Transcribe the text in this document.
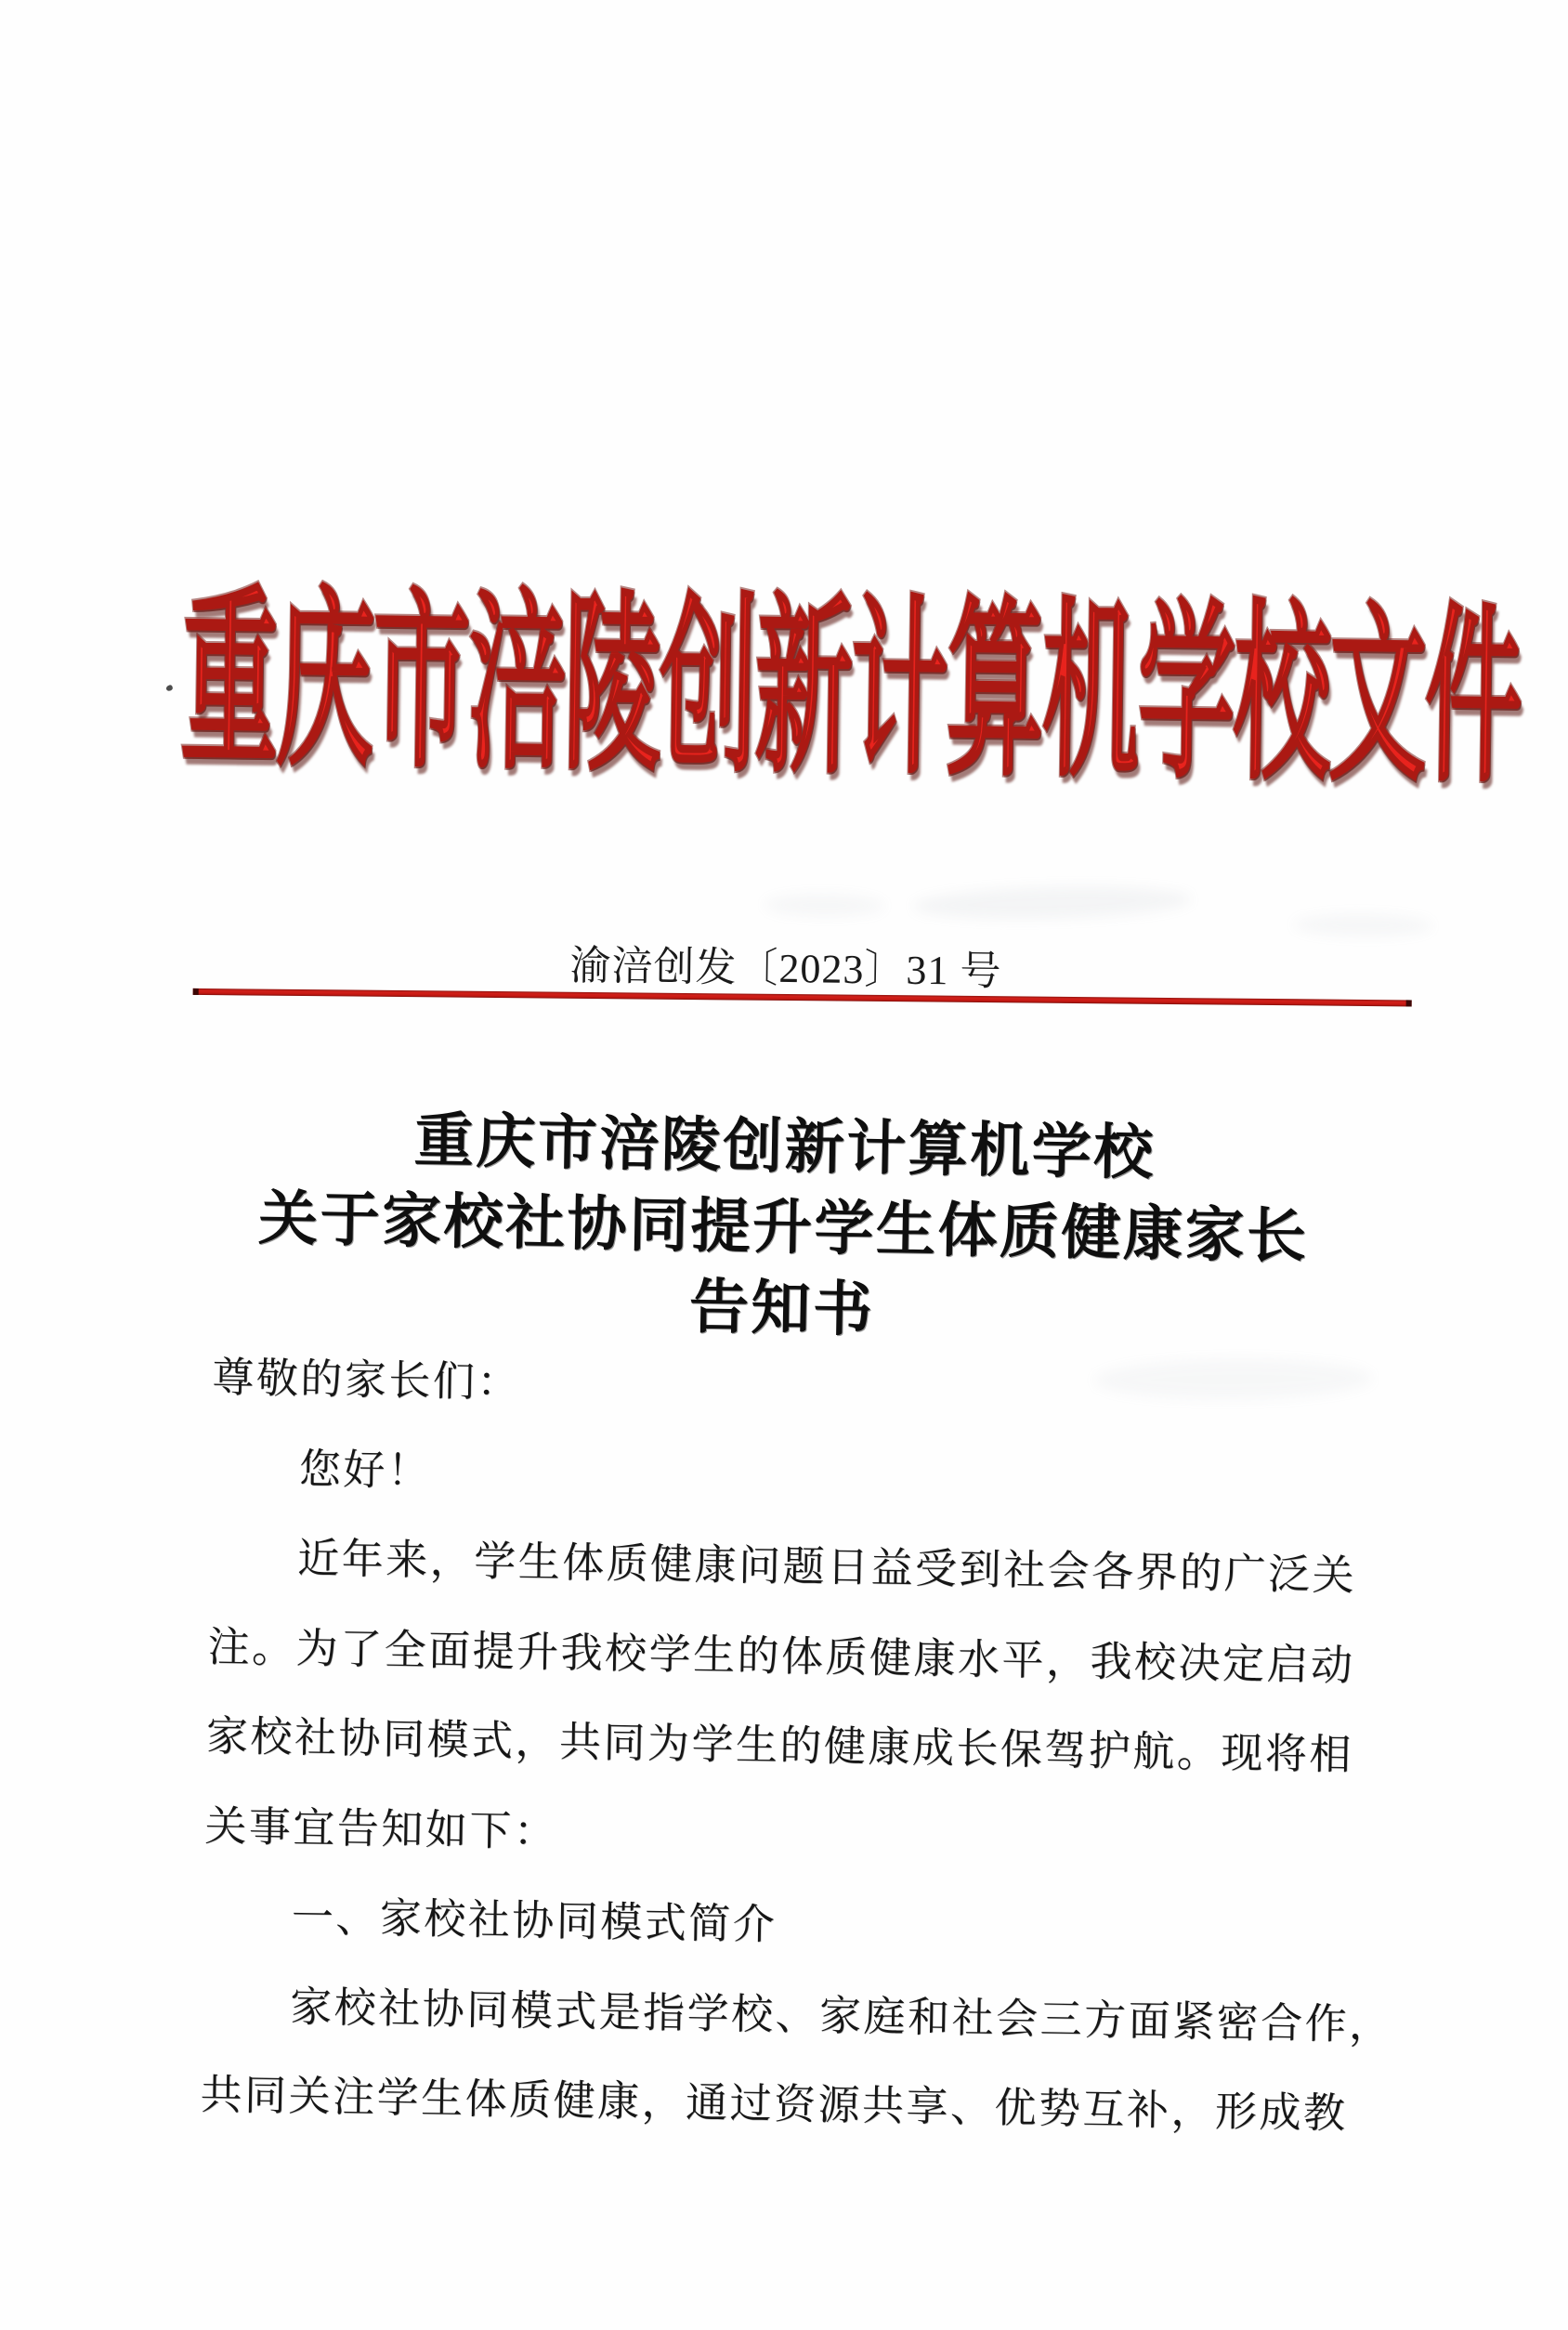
重庆市涪陵创新计算机学校文件
渝涪创发〔2023〕31 号
重庆市涪陵创新计算机学校
关于家校社协同提升学生体质健康家长
告知书
尊敬的家长们：
您好！
近年来，学生体质健康问题日益受到社会各界的广泛关
注。为了全面提升我校学生的体质健康水平，我校决定启动
家校社协同模式，共同为学生的健康成长保驾护航。现将相
关事宜告知如下：
一、家校社协同模式简介
家校社协同模式是指学校、家庭和社会三方面紧密合作，
共同关注学生体质健康，通过资源共享、优势互补，形成教
